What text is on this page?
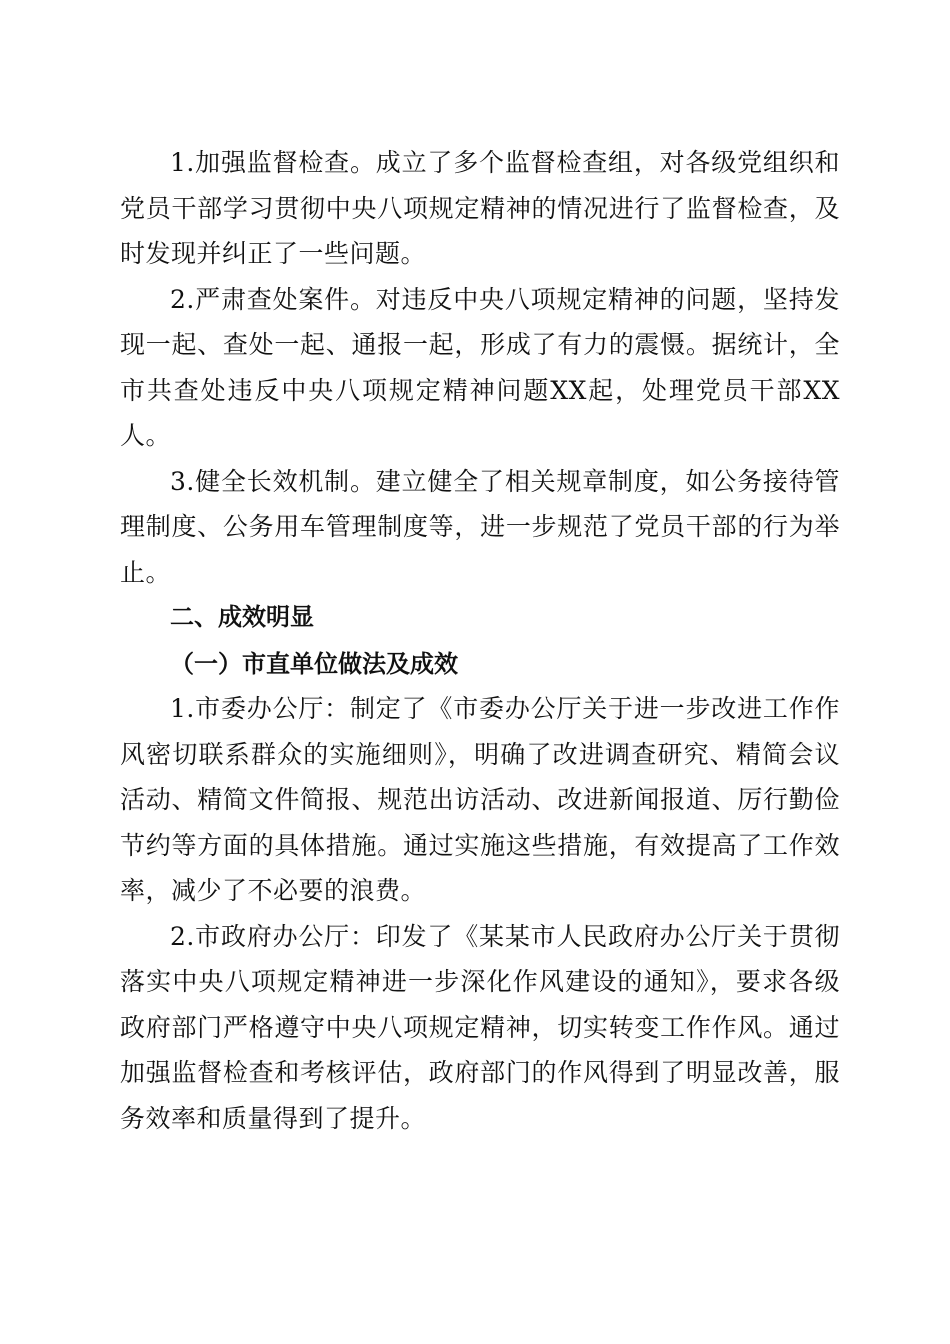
1.加强监督检查。成立了多个监督检查组，对各级党组织和党员干部学习贯彻中央八项规定精神的情况进行了监督检查，及时发现并纠正了一些问题。

2.严肃查处案件。对违反中央八项规定精神的问题，坚持发现一起、查处一起、通报一起，形成了有力的震慑。据统计，全市共查处违反中央八项规定精神问题XX起，处理党员干部XX人。

3.健全长效机制。建立健全了相关规章制度，如公务接待管理制度、公务用车管理制度等，进一步规范了党员干部的行为举止。

二、成效明显
（一）市直单位做法及成效

1.市委办公厅：制定了《市委办公厅关于进一步改进工作作风密切联系群众的实施细则》，明确了改进调查研究、精简会议活动、精简文件简报、规范出访活动、改进新闻报道、厉行勤俭节约等方面的具体措施。通过实施这些措施，有效提高了工作效率，减少了不必要的浪费。

2.市政府办公厅：印发了《某某市人民政府办公厅关于贯彻落实中央八项规定精神进一步深化作风建设的通知》，要求各级政府部门严格遵守中央八项规定精神，切实转变工作作风。通过加强监督检查和考核评估，政府部门的作风得到了明显改善，服务效率和质量得到了提升。
